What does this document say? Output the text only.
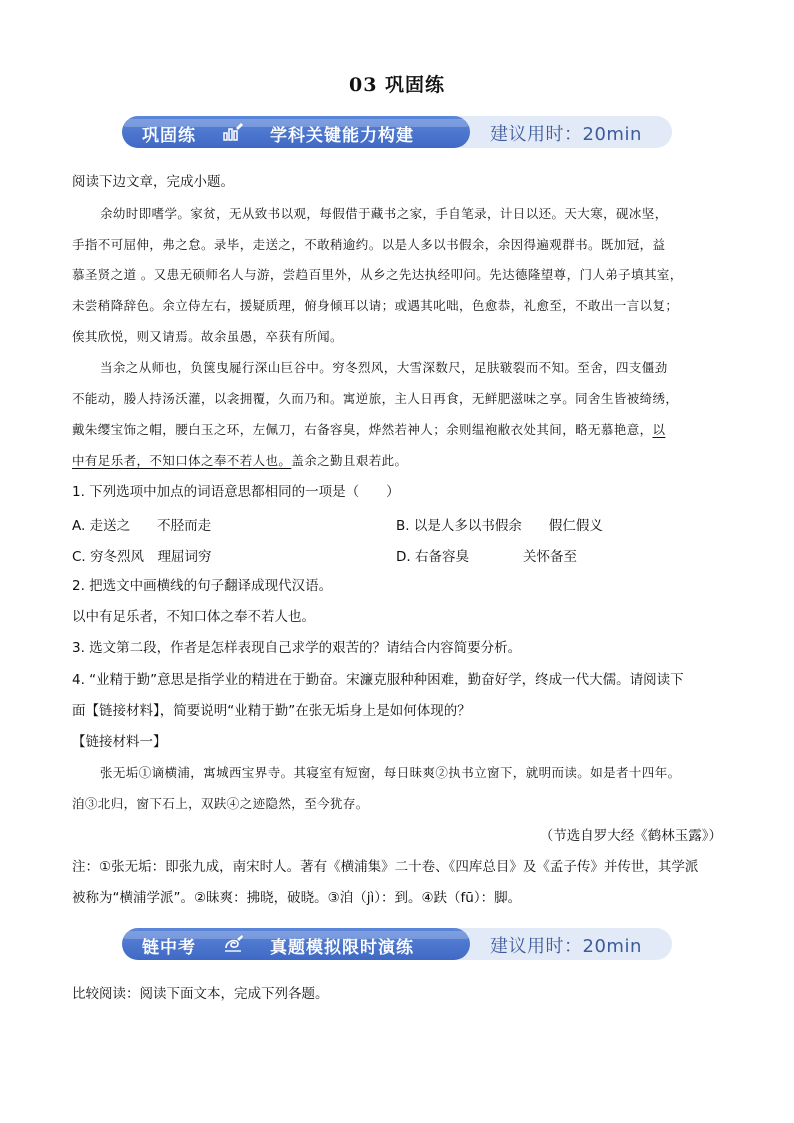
03 巩固练
巩固练	学科关键能力构建	建议用时：20min
阅读下边文章，完成小题。
余幼时即嗜学。家贫，无从致书以观，每假借于藏书之家，手自笔录，计日以还。天大寒，砚冰坚，
手指不可屈伸，弗之怠。录毕，走送之，不敢稍逾约。以是人多以书假余，余因得遍观群书。既加冠，益
慕圣贤之道 。又患无硕师名人与游，尝趋百里外，从乡之先达执经叩问。先达德隆望尊，门人弟子填其室，
未尝稍降辞色。余立侍左右，援疑质理，俯身倾耳以请；或遇其叱咄，色愈恭，礼愈至，不敢出一言以复；
俟其欣悦，则又请焉。故余虽愚，卒获有所闻。
当余之从师也，负箧曳屣行深山巨谷中。穷冬烈风，大雪深数尺，足肤皲裂而不知。至舍，四支僵劲
不能动，媵人持汤沃灌，以衾拥覆，久而乃和。寓逆旅，主人日再食，无鲜肥滋味之享。同舍生皆被绮绣，
戴朱缨宝饰之帽，腰白玉之环，左佩刀，右备容臭，烨然若神人；余则缊袍敝衣处其间，略无慕艳意，以
中有足乐者，不知口体之奉不若人也。盖余之勤且艰若此。
1. 下列选项中加点的词语意思都相同的一项是（　　）
A. 走送之　　不胫而走	B. 以是人多以书假余　　假仁假义
C. 穷冬烈风　理屈词穷	D. 右备容臭　　　　关怀备至
2. 把选文中画横线的句子翻译成现代汉语。
以中有足乐者，不知口体之奉不若人也。
3. 选文第二段，作者是怎样表现自己求学的艰苦的？请结合内容简要分析。
4. “业精于勤”意思是指学业的精进在于勤奋。宋濂克服种种困难，勤奋好学，终成一代大儒。请阅读下
面【链接材料】，简要说明“业精于勤”在张无垢身上是如何体现的？
【链接材料一】
张无垢①谪横浦，寓城西宝界寺。其寝室有短窗，每日昧爽②执书立窗下，就明而读。如是者十四年。
洎③北归，窗下石上，双趺④之迹隐然，至今犹存。
（节选自罗大经《鹤林玉露》）
注：①张无垢：即张九成，南宋时人。著有《横浦集》二十卷、《四库总目》及《孟子传》并传世，其学派
被称为“横浦学派”。②昧爽：拂晓，破晓。③洎（jì）：到。④趺（fū）：脚。
链中考	真题模拟限时演练	建议用时：20min
比较阅读：阅读下面文本，完成下列各题。
